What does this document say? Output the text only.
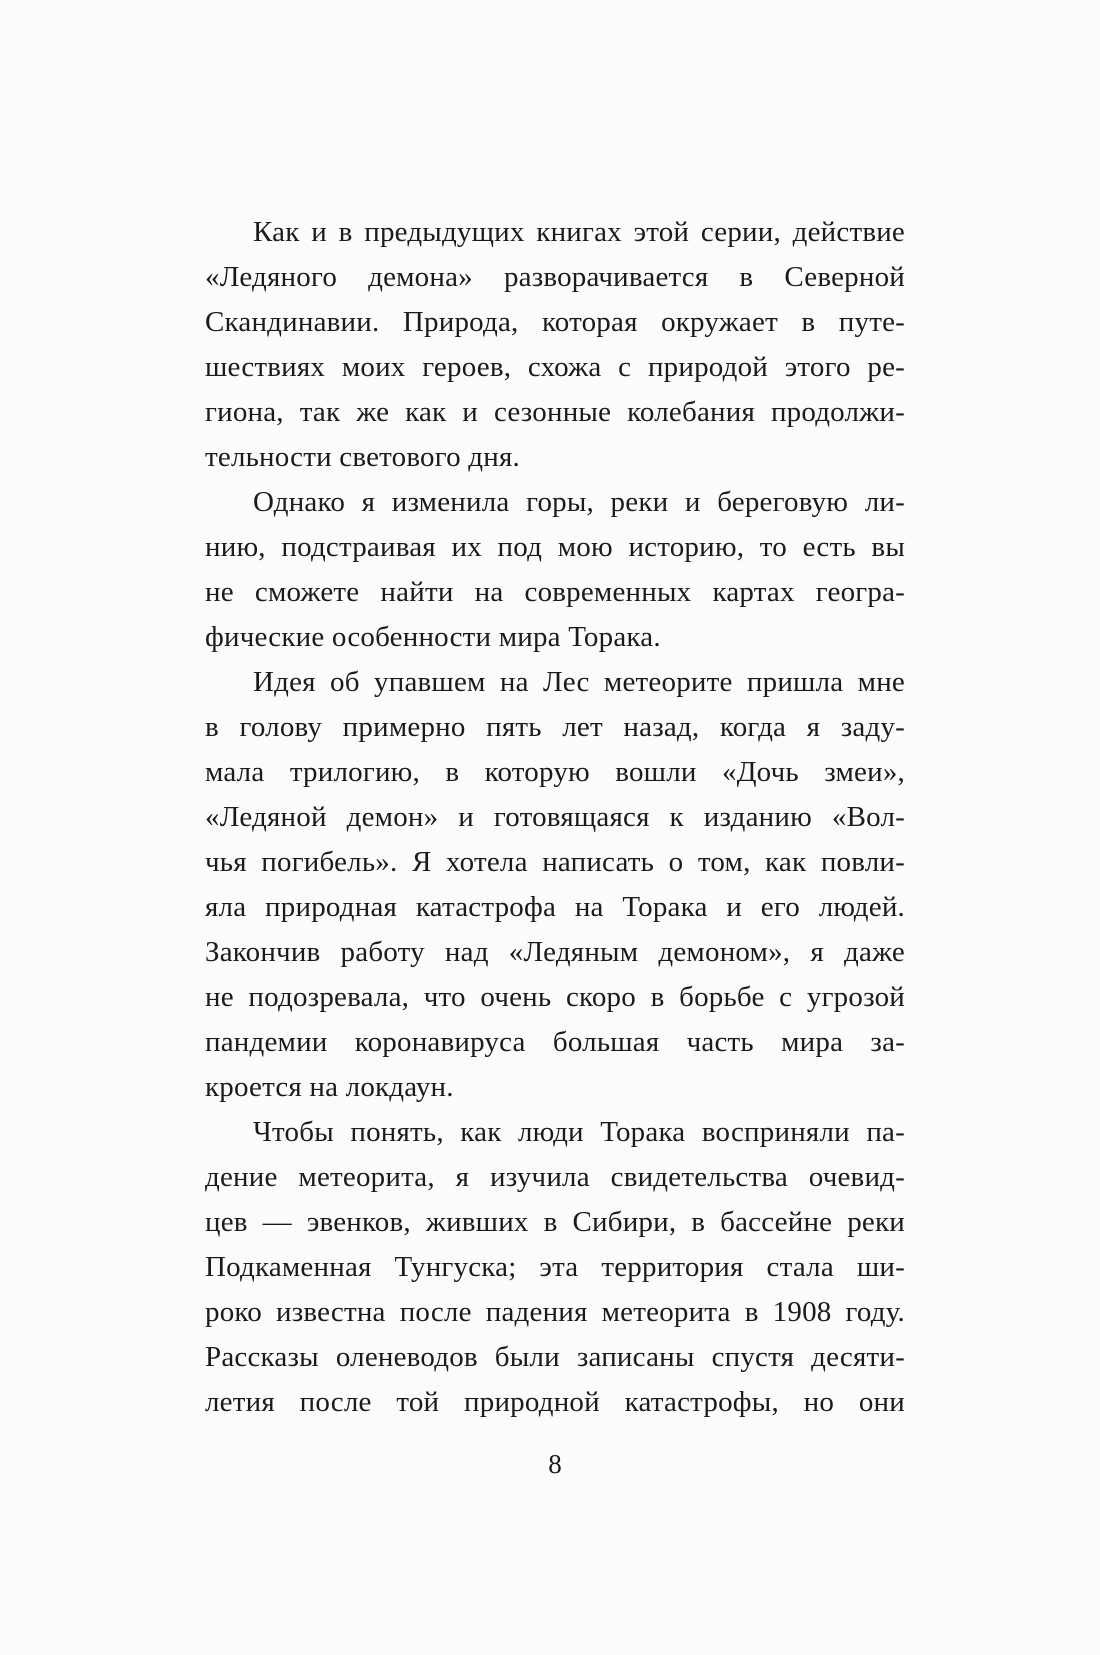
Как и в предыдущих книгах этой серии, действие
«Ледяного демона» разворачивается в Северной
Скандинавии. Природа, которая окружает в путе-
шествиях моих героев, схожа с природой этого ре-
гиона, так же как и сезонные колебания продолжи-
тельности светового дня.
Однако я изменила горы, реки и береговую ли-
нию, подстраивая их под мою историю, то есть вы
не сможете найти на современных картах геогра-
фические особенности мира Торака.
Идея об упавшем на Лес метеорите пришла мне
в голову примерно пять лет назад, когда я заду-
мала трилогию, в которую вошли «Дочь змеи»,
«Ледяной демон» и готовящаяся к изданию «Вол-
чья погибель». Я хотела написать о том, как повли-
яла природная катастрофа на Торака и его людей.
Закончив работу над «Ледяным демоном», я даже
не подозревала, что очень скоро в борьбе с угрозой
пандемии коронавируса большая часть мира за-
кроется на локдаун.
Чтобы понять, как люди Торака восприняли па-
дение метеорита, я изучила свидетельства очевид-
цев — эвенков, живших в Сибири, в бассейне реки
Подкаменная Тунгуска; эта территория стала ши-
роко известна после падения метеорита в 1908 году.
Рассказы оленеводов были записаны спустя десяти-
летия после той природной катастрофы, но они
8
